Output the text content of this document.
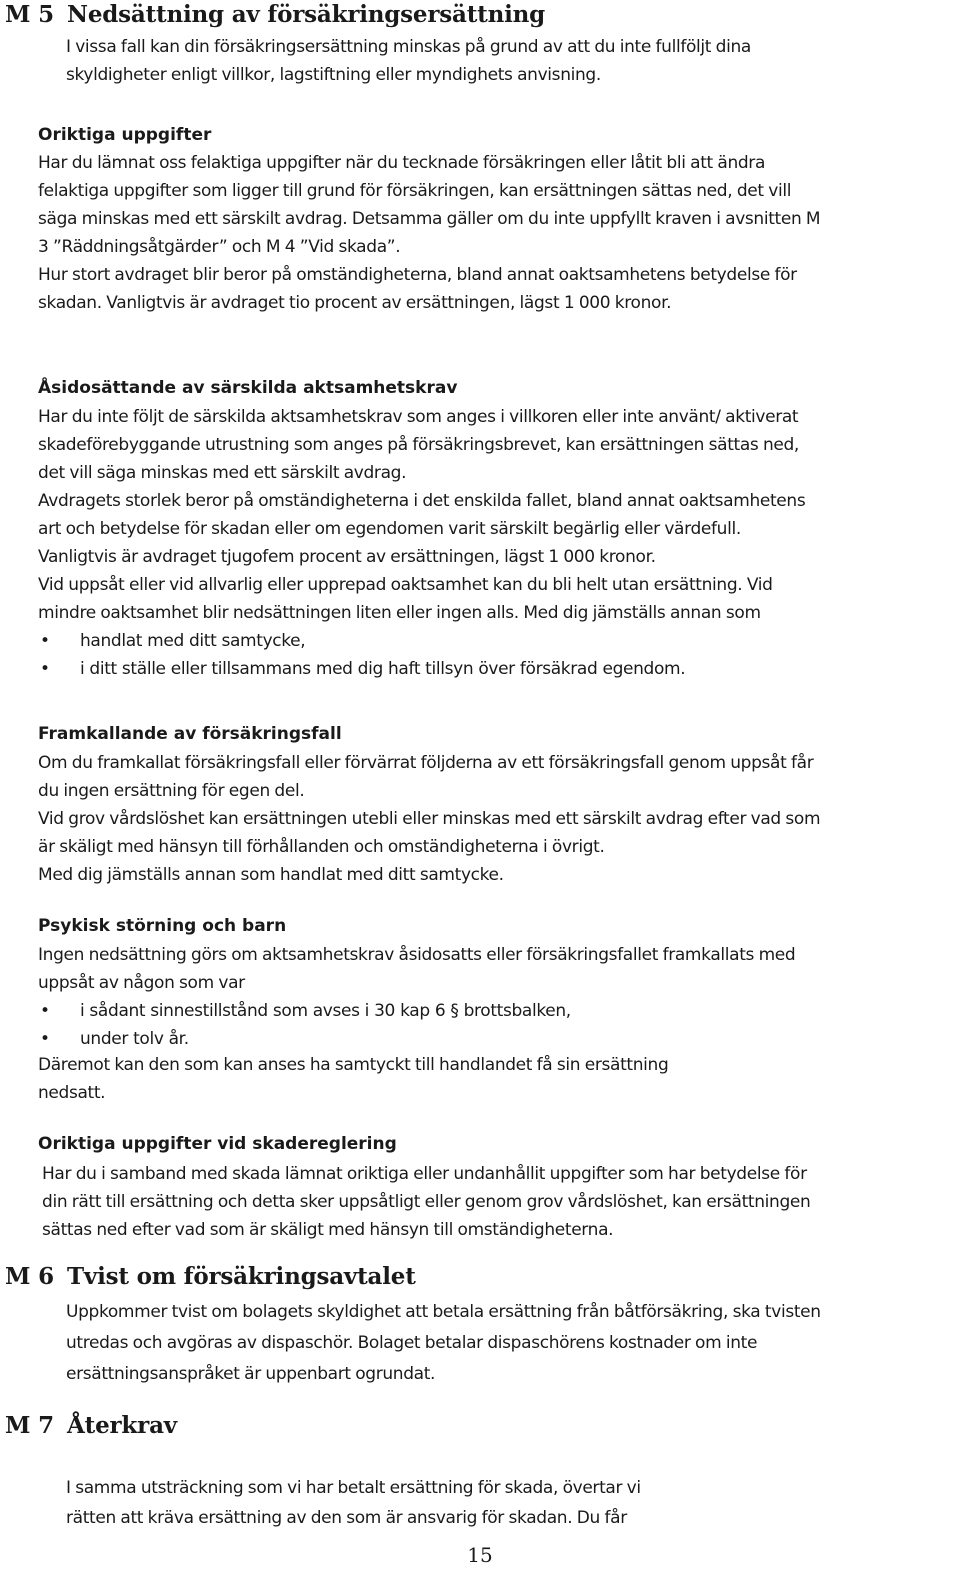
M 5 Nedsättning av försäkringsersättning
I vissa fall kan din försäkringsersättning minskas på grund av att du inte fullföljt dina
skyldigheter enligt villkor, lagstiftning eller myndighets anvisning.
Oriktiga uppgifter
Har du lämnat oss felaktiga uppgifter när du tecknade försäkringen eller låtit bli att ändra
felaktiga uppgifter som ligger till grund för försäkringen, kan ersättningen sättas ned, det vill
säga minskas med ett särskilt avdrag. Detsamma gäller om du inte uppfyllt kraven i avsnitten M
3 ”Räddningsåtgärder” och M 4 ”Vid skada”.
Hur stort avdraget blir beror på omständigheterna, bland annat oaktsamhetens betydelse för
skadan. Vanligtvis är avdraget tio procent av ersättningen, lägst 1 000 kronor.
Åsidosättande av särskilda aktsamhetskrav
Har du inte följt de särskilda aktsamhetskrav som anges i villkoren eller inte använt/ aktiverat
skadeförebyggande utrustning som anges på försäkringsbrevet, kan ersättningen sättas ned,
det vill säga minskas med ett särskilt avdrag.
Avdragets storlek beror på omständigheterna i det enskilda fallet, bland annat oaktsamhetens
art och betydelse för skadan eller om egendomen varit särskilt begärlig eller värdefull.
Vanligtvis är avdraget tjugofem procent av ersättningen, lägst 1 000 kronor.
Vid uppsåt eller vid allvarlig eller upprepad oaktsamhet kan du bli helt utan ersättning. Vid
mindre oaktsamhet blir nedsättningen liten eller ingen alls. Med dig jämställs annan som
• handlat med ditt samtycke,
• i ditt ställe eller tillsammans med dig haft tillsyn över försäkrad egendom.
Framkallande av försäkringsfall
Om du framkallat försäkringsfall eller förvärrat följderna av ett försäkringsfall genom uppsåt får
du ingen ersättning för egen del.
Vid grov vårdslöshet kan ersättningen utebli eller minskas med ett särskilt avdrag efter vad som
är skäligt med hänsyn till förhållanden och omständigheterna i övrigt.
Med dig jämställs annan som handlat med ditt samtycke.
Psykisk störning och barn
Ingen nedsättning görs om aktsamhetskrav åsidosatts eller försäkringsfallet framkallats med
uppsåt av någon som var
• i sådant sinnestillstånd som avses i 30 kap 6 § brottsbalken,
• under tolv år.
Däremot kan den som kan anses ha samtyckt till handlandet få sin ersättning
nedsatt.
Oriktiga uppgifter vid skadereglering
Har du i samband med skada lämnat oriktiga eller undanhållit uppgifter som har betydelse för
din rätt till ersättning och detta sker uppsåtligt eller genom grov vårdslöshet, kan ersättningen
sättas ned efter vad som är skäligt med hänsyn till omständigheterna.
M 6 Tvist om försäkringsavtalet
Uppkommer tvist om bolagets skyldighet att betala ersättning från båtförsäkring, ska tvisten
utredas och avgöras av dispaschör. Bolaget betalar dispaschörens kostnader om inte
ersättningsanspråket är uppenbart ogrundat.
M 7 Återkrav
I samma utsträckning som vi har betalt ersättning för skada, övertar vi
rätten att kräva ersättning av den som är ansvarig för skadan. Du får
15
